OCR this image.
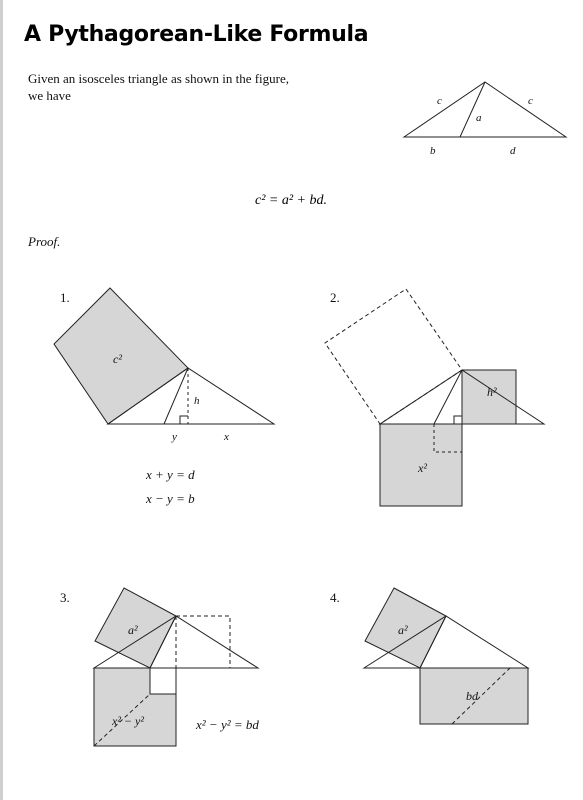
A Pythagorean-Like Formula
Given an isosceles triangle as shown in the figure,
we have
c² = a² + bd.
Proof.
1.	2.
3.	4.
x + y = d
x − y = b
x² − y² = bd
c	c
a
b	d
c²
h
y	x
h²
x²
a²
x² − y²
a²
bd
